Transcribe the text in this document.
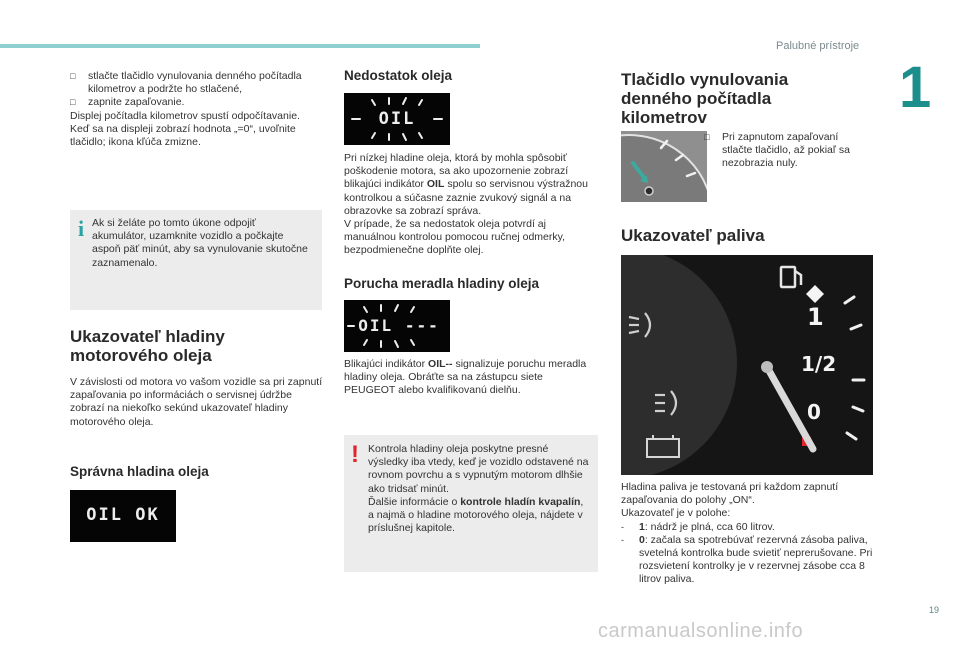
Palubné prístroje
1
□ stlačte tlačidlo vynulovania denného počítadla kilometrov a podržte ho stlačené,
□ zapnite zapaľovanie.
Displej počítadla kilometrov spustí odpočítavanie.
Keď sa na displeji zobrazí hodnota „=0“, uvoľnite tlačidlo; ikona kľúča zmizne.
i Ak si želáte po tomto úkone odpojiť akumulátor, uzamknite vozidlo a počkajte aspoň päť minút, aby sa vynulovanie skutočne zaznamenalo.
Ukazovateľ hladiny motorového oleja
V závislosti od motora vo vašom vozidle sa pri zapnutí zapaľovania po informáciách o servisnej údržbe zobrazí na niekoľko sekúnd ukazovateľ hladiny motorového oleja.
Správna hladina oleja
OIL OK
Nedostatok oleja
OIL
Pri nízkej hladine oleja, ktorá by mohla spôsobiť poškodenie motora, sa ako upozornenie zobrazí blikajúci indikátor OIL spolu so servisnou výstražnou kontrolkou a súčasne zaznie zvukový signál a na obrazovke sa zobrazí správa.
V prípade, že sa nedostatok oleja potvrdí aj manuálnou kontrolou pomocou ručnej odmerky, bezpodmienečne doplňte olej.
Porucha meradla hladiny oleja
OIL ---
Blikajúci indikátor OIL-- signalizuje poruchu meradla hladiny oleja. Obráťte sa na zástupcu siete PEUGEOT alebo kvalifikovanú dielňu.
! Kontrola hladiny oleja poskytne presné výsledky iba vtedy, keď je vozidlo odstavené na rovnom povrchu a s vypnutým motorom dlhšie ako tridsať minút.
Ďalšie informácie o kontrole hladín kvapalín, a najmä o hladine motorového oleja, nájdete v príslušnej kapitole.
Tlačidlo vynulovania denného počítadla kilometrov
□ Pri zapnutom zapaľovaní stlačte tlačidlo, až pokiaľ sa nezobrazia nuly.
Ukazovateľ paliva
1
1/2
0
Hladina paliva je testovaná pri každom zapnutí zapaľovania do polohy „ON“.
Ukazovateľ je v polohe:
- 1: nádrž je plná, cca 60 litrov.
- 0: začala sa spotrebúvať rezervná zásoba paliva, svetelná kontrolka bude svietiť neprerušovane. Pri rozsvietení kontrolky je v rezervnej zásobe cca 8 litrov paliva.
19
carmanualsonline.info
